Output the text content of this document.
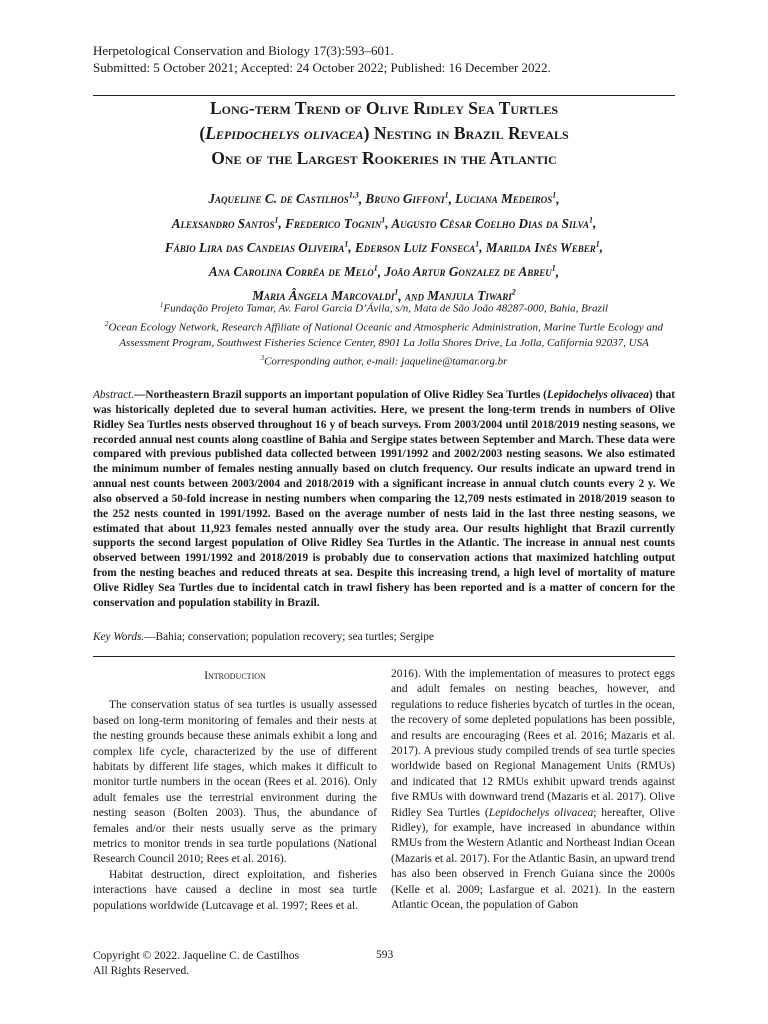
Herpetological Conservation and Biology 17(3):593–601.
Submitted: 5 October 2021; Accepted: 24 October 2022; Published: 16 December 2022.
Long-term Trend of Olive Ridley Sea Turtles
(Lepidochelys olivacea) Nesting in Brazil Reveals
One of the Largest Rookeries in the Atlantic
Jaqueline C. de Castilhos$^{1,3}$, Bruno Giffoni$^1$, Luciana Medeiros$^1$,
Alexsandro Santos$^1$, Frederico Tognin$^1$, Augusto César Coelho Dias da Silva$^1$,
Fábio Lira das Candeias Oliveira$^1$, Ederson Luíz Fonseca$^1$, Marilda Inês Weber$^1$,
Ana Carolina Corrêa de Melo$^1$, João Artur Gonzalez de Abreu$^1$,
Maria Ângela Marcovaldi$^1$, and Manjula Tiwari$^2$
$^1$Fundação Projeto Tamar, Av. Farol Garcia D’Ávila, s/n, Mata de São João 48287-000, Bahia, Brazil
$^2$Ocean Ecology Network, Research Affiliate of National Oceanic and Atmospheric Administration, Marine Turtle Ecology and Assessment Program, Southwest Fisheries Science Center, 8901 La Jolla Shores Drive, La Jolla, California 92037, USA
$^3$Corresponding author, e-mail: jaqueline@tamar.org.br
Abstract.—Northeastern Brazil supports an important population of Olive Ridley Sea Turtles (Lepidochelys olivacea) that was historically depleted due to several human activities. Here, we present the long-term trends in numbers of Olive Ridley Sea Turtles nests observed throughout 16 y of beach surveys. From 2003/2004 until 2018/2019 nesting seasons, we recorded annual nest counts along coastline of Bahia and Sergipe states between September and March. These data were compared with previous published data collected between 1991/1992 and 2002/2003 nesting seasons. We also estimated the minimum number of females nesting annually based on clutch frequency. Our results indicate an upward trend in annual nest counts between 2003/2004 and 2018/2019 with a significant increase in annual clutch counts every 2 y. We also observed a 50-fold increase in nesting numbers when comparing the 12,709 nests estimated in 2018/2019 season to the 252 nests counted in 1991/1992. Based on the average number of nests laid in the last three nesting seasons, we estimated that about 11,923 females nested annually over the study area. Our results highlight that Brazil currently supports the second largest population of Olive Ridley Sea Turtles in the Atlantic. The increase in annual nest counts observed between 1991/1992 and 2018/2019 is probably due to conservation actions that maximized hatchling output from the nesting beaches and reduced threats at sea. Despite this increasing trend, a high level of mortality of mature Olive Ridley Sea Turtles due to incidental catch in trawl fishery has been reported and is a matter of concern for the conservation and population stability in Brazil.
Key Words.—Bahia; conservation; population recovery; sea turtles; Sergipe
Introduction

The conservation status of sea turtles is usually assessed based on long-term monitoring of females and their nests at the nesting grounds because these animals exhibit a long and complex life cycle, characterized by the use of different habitats by different life stages, which makes it difficult to monitor turtle numbers in the ocean (Rees et al. 2016). Only adult females use the terrestrial environment during the nesting season (Bolten 2003). Thus, the abundance of females and/or their nests usually serve as the primary metrics to monitor trends in sea turtle populations (National Research Council 2010; Rees et al. 2016).

Habitat destruction, direct exploitation, and fisheries interactions have caused a decline in most sea turtle populations worldwide (Lutcavage et al. 1997; Rees et al.

2016). With the implementation of measures to protect eggs and adult females on nesting beaches, however, and regulations to reduce fisheries bycatch of turtles in the ocean, the recovery of some depleted populations has been possible, and results are encouraging (Rees et al. 2016; Mazaris et al. 2017). A previous study compiled trends of sea turtle species worldwide based on Regional Management Units (RMUs) and indicated that 12 RMUs exhibit upward trends against five RMUs with downward trend (Mazaris et al. 2017). Olive Ridley Sea Turtles (Lepidochelys olivacea; hereafter, Olive Ridley), for example, have increased in abundance within RMUs from the Western Atlantic and Northeast Indian Ocean (Mazaris et al. 2017). For the Atlantic Basin, an upward trend has also been observed in French Guiana since the 2000s (Kelle et al. 2009; Lasfargue et al. 2021). In the eastern Atlantic Ocean, the population of Gabon

Copyright © 2022. Jaqueline C. de Castilhos
All Rights Reserved.
593
